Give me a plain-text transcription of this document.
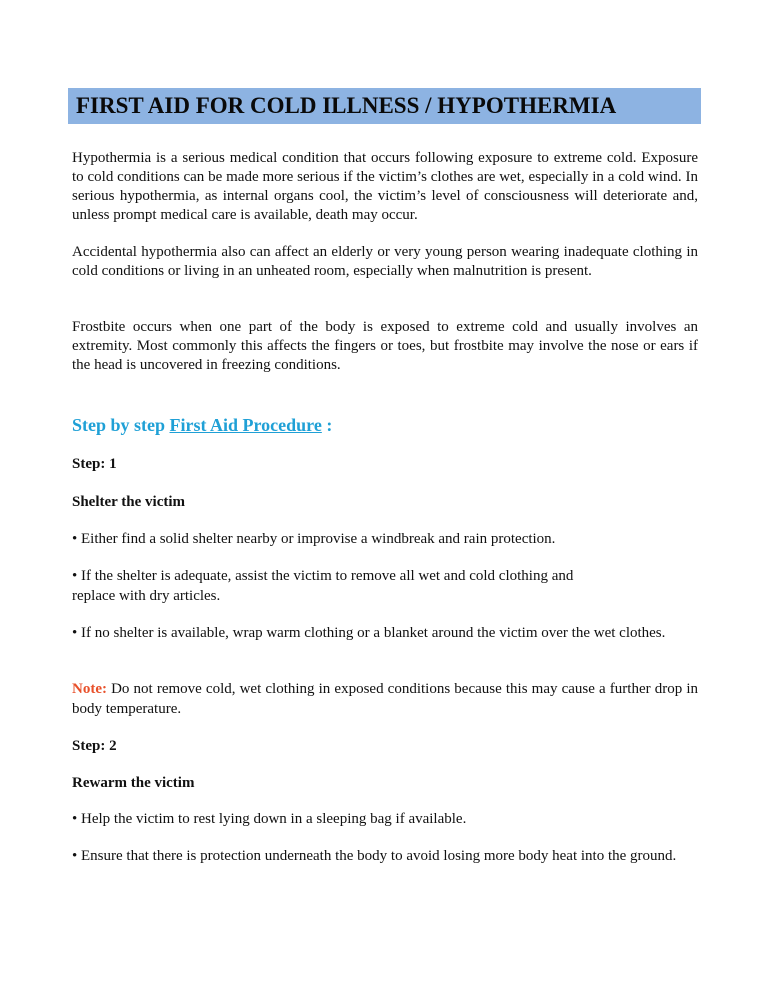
FIRST AID FOR COLD ILLNESS / HYPOTHERMIA
Hypothermia is a serious medical condition that occurs following exposure to extreme cold. Exposure to cold conditions can be made more serious if the victim’s clothes are wet, especially in a cold wind. In serious hypothermia, as internal organs cool, the victim’s level of consciousness will deteriorate and, unless prompt medical care is available, death may occur.
Accidental hypothermia also can affect an elderly or very young person wearing inadequate clothing in cold conditions or living in an unheated room, especially when malnutrition is present.
Frostbite occurs when one part of the body is exposed to extreme cold and usually involves an extremity. Most commonly this affects the fingers or toes, but frostbite may involve the nose or ears if the head is uncovered in freezing conditions.
Step by step First Aid Procedure :
Step: 1
Shelter the victim
• Either find a solid shelter nearby or improvise a windbreak and rain protection.
• If the shelter is adequate, assist the victim to remove all wet and cold clothing and
replace with dry articles.
• If no shelter is available, wrap warm clothing or a blanket around the victim over the wet clothes.
Note: Do not remove cold, wet clothing in exposed conditions because this may cause a further drop in body temperature.
Step: 2
Rewarm the victim
• Help the victim to rest lying down in a sleeping bag if available.
• Ensure that there is protection underneath the body to avoid losing more body heat into the ground.
